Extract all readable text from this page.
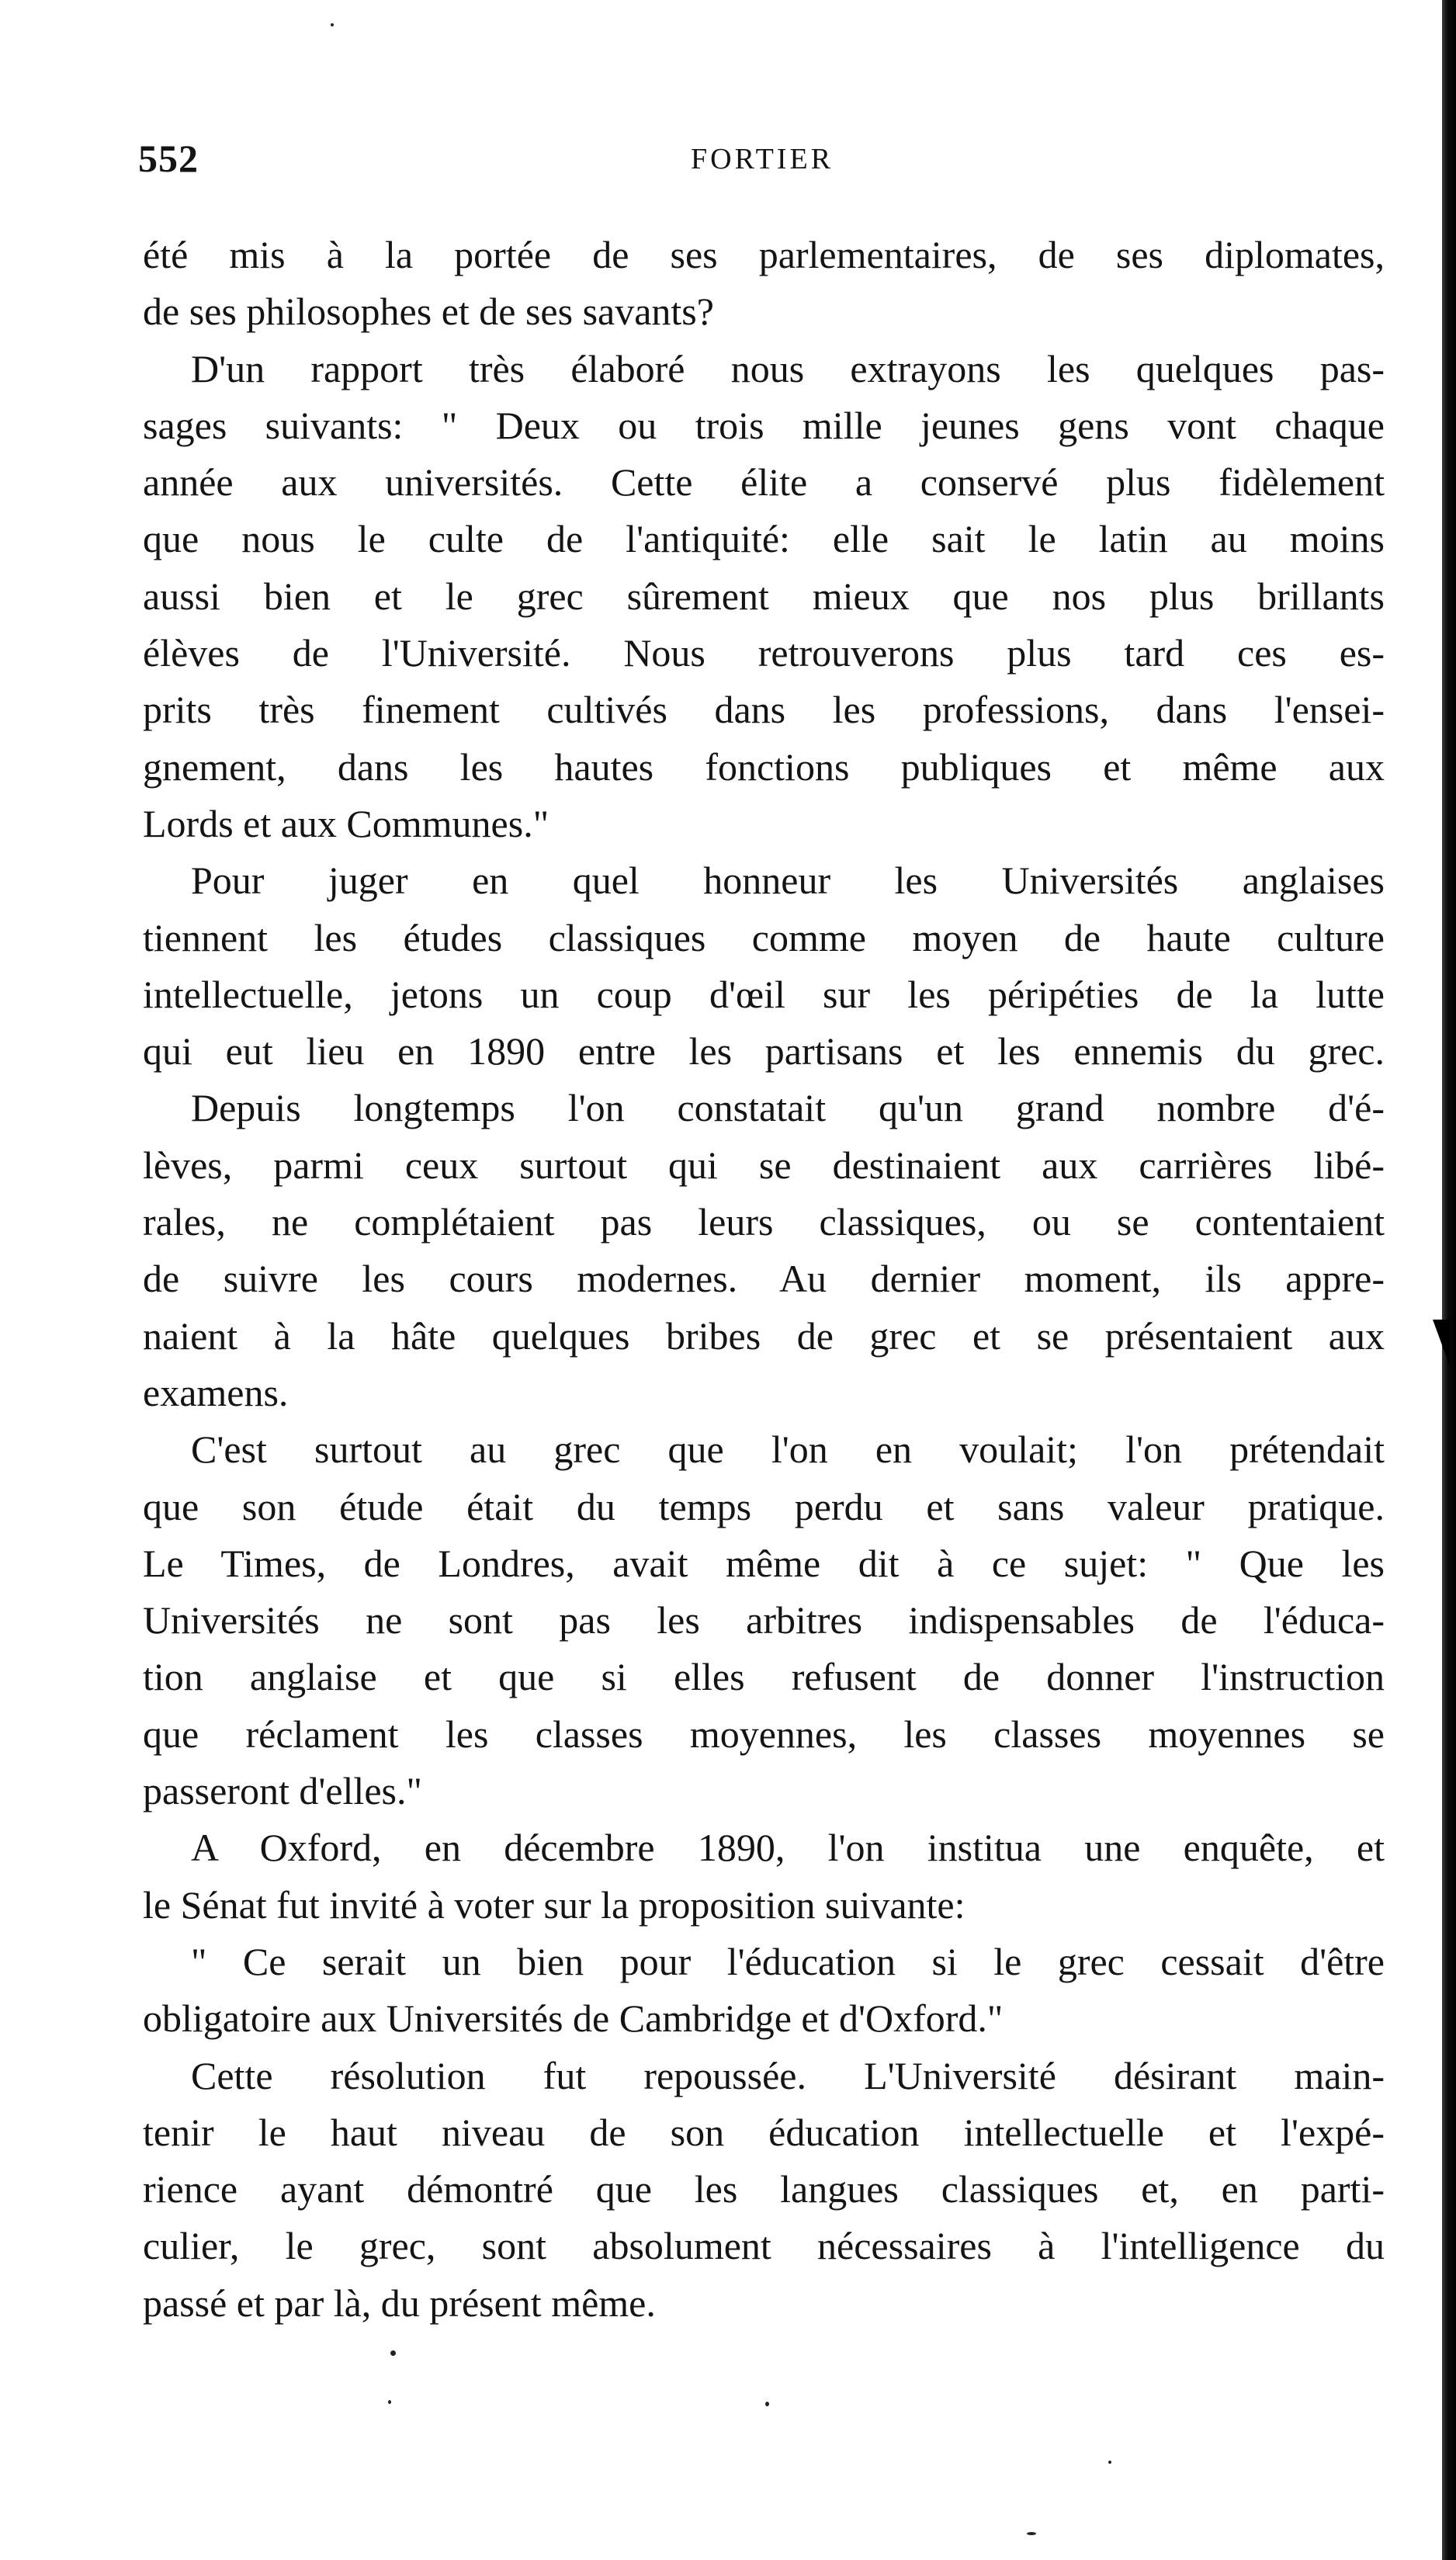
552	FORTIER
été mis à la portée de ses parlementaires, de ses diplomates,
de ses philosophes et de ses savants?
D'un rapport très élaboré nous extrayons les quelques pas-
sages suivants: " Deux ou trois mille jeunes gens vont chaque
année aux universités. Cette élite a conservé plus fidèlement
que nous le culte de l'antiquité: elle sait le latin au moins
aussi bien et le grec sûrement mieux que nos plus brillants
élèves de l'Université. Nous retrouverons plus tard ces es-
prits très finement cultivés dans les professions, dans l'ensei-
gnement, dans les hautes fonctions publiques et même aux
Lords et aux Communes."
Pour juger en quel honneur les Universités anglaises
tiennent les études classiques comme moyen de haute culture
intellectuelle, jetons un coup d'œil sur les péripéties de la lutte
qui eut lieu en 1890 entre les partisans et les ennemis du grec.
Depuis longtemps l'on constatait qu'un grand nombre d'é-
lèves, parmi ceux surtout qui se destinaient aux carrières libé-
rales, ne complétaient pas leurs classiques, ou se contentaient
de suivre les cours modernes. Au dernier moment, ils appre-
naient à la hâte quelques bribes de grec et se présentaient aux
examens.
C'est surtout au grec que l'on en voulait; l'on prétendait
que son étude était du temps perdu et sans valeur pratique.
Le Times, de Londres, avait même dit à ce sujet: " Que les
Universités ne sont pas les arbitres indispensables de l'éduca-
tion anglaise et que si elles refusent de donner l'instruction
que réclament les classes moyennes, les classes moyennes se
passeront d'elles."
A Oxford, en décembre 1890, l'on institua une enquête, et
le Sénat fut invité à voter sur la proposition suivante:
" Ce serait un bien pour l'éducation si le grec cessait d'être
obligatoire aux Universités de Cambridge et d'Oxford."
Cette résolution fut repoussée. L'Université désirant main-
tenir le haut niveau de son éducation intellectuelle et l'expé-
rience ayant démontré que les langues classiques et, en parti-
culier, le grec, sont absolument nécessaires à l'intelligence du
passé et par là, du présent même.
